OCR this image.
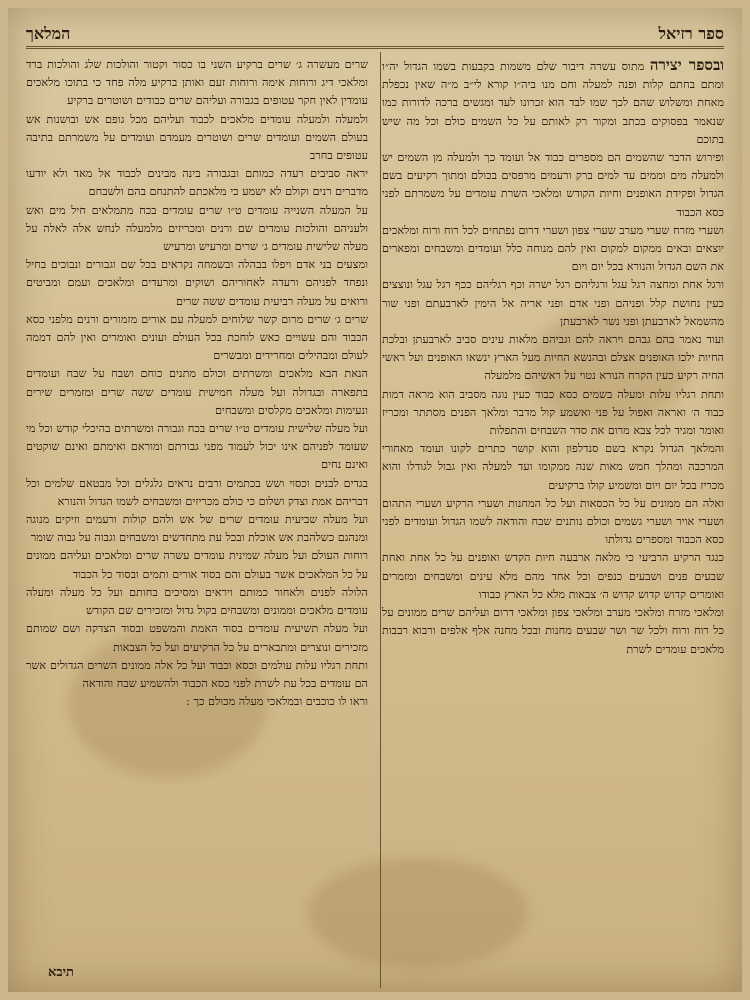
ספר רזיאל
המלאך

ובספר יצירה מתוס עשרה דיבור שלם משמות בקבעות בשמו הגדול יה״ו ומתם בחתם קלות ופנה למעלה וחם מנו ביה״ו קורא לי״ב מ״ה שאין נכפלת מאחת ומשלוש שהם לכך שמו לבד הוא זכרונו לעד ומגשים ברכה לדורות כמו שנאמר בפסוקים בכתב ומקור רק לאותם על כל השמים כולם וכל מה שיש בתוכם

ופירוש הדבר שהשמים הם מספרים כבוד אל ועומד כך ולמעלה מן השמים יש ולמעלה מים וממים עד למים ברק ורעמים מרפסים בכולם ומתוך רקיעים בשם הגדול ופקידת האופנים וחיות הקודש ומלאכי השרת עומדים על משמרתם לפני כסא הכבוד

ושערי מזרח שערי מערב שערי צפון ושערי דרום נפתחים לכל רוח ורוח ומלאכים יוצאים ובאים ממקום למקום ואין להם מנוחה כלל ועומדים ומשבחים ומפארים את השם הגדול והנורא בכל יום ויום

ורגל אחת ומחצה רגל עגל ורגליהם רגל ישרה וכף רגליהם ככף רגל עגל ונוצצים כעין נחושת קלל ופניהם ופני אדם ופני אריה אל הימין לארבעתם ופני שור מהשמאל לארבעתן ופני נשר לארבעתן

ועוד נאמר בהם גבהם ויראה להם וגביהם מלאות עינים סביב לארבעתן ובלכת החיות ילכו האופנים אצלם ובהנשא החיות מעל הארץ ינשאו האופנים ועל ראשי החיה רקיע כעין הקרח הנורא נטוי על ראשיהם מלמעלה

ותחת רגליו עלות ומעלה בשמים כסא כבוד כעין נוגה מסביב הוא מראה דמות כבוד ה׳ ואראה ואפול על פני ואשמע קול מדבר ומלאך הפנים מסתתר ומכריז ואומר ומגיד לכל צבא מרום את סדר השבחים והתפלות

והמלאך הגדול נקרא בשם סנדלפון והוא קושר כתרים לקונו ועומד מאחורי המרכבה ומהלך חמש מאות שנה ממקומו ועד למעלה ואין גבול לגודלו והוא מכריז בכל יום ויום ומשמיע קולו ברקיעים

ואלה הם ממונים על כל הכסאות ועל כל המחנות ושערי הרקיע ושערי התהום ושערי אויר ושערי גשמים וכולם נותנים שבח והודאה לשמו הגדול ועומדים לפני כסא הכבוד ומספרים גדולתו

כנגד הרקיע הרביעי כי מלאה ארבעה חיות הקדש ואופנים על כל אחת ואחת שבעים פנים ושבעים כנפים וכל אחד מהם מלא עינים ומשבחים ומזמרים ואומרים קדוש קדוש קדוש ה׳ צבאות מלא כל הארץ כבודו

ומלאכי מזרח ומלאכי מערב ומלאכי צפון ומלאכי דרום ועליהם שרים ממונים על כל רוח ורוח ולכל שר ושר שבעים מחנות ובכל מחנה אלף אלפים ורבוא רבבות מלאכים עומדים לשרת

שרים מעשרה ג׳ שרים ברקיע השני בו כסור וקטור והולכות שלג והולכות ברד ומלאכי דיג ורוחות אימה ורוחות זעם ואותן ברקיע מלה פחד כי בתוכו מלאכים עומדין לאין חקר עטופים בגבורה ועליהם שרים כבודים ושוטרים ברקיע

ולמעלה ולמעלה עומדים מלאכים לכבוד ועליהם מכל גופם אש ובושנות אש בעולם השמים ועומדים שרים ושוטרים מעמדם ועומדים על משמרתם בתיבה עטופים בחרב

יראה סביבים רעדה כמותם ובגבורה בינה מבינים לכבוד אל מאד ולא יודעו מדברים רנים וקולם לא ישמע כי מלאכתם להתנחם בהם ולשבחם

על המעלה השנייה עומדים ט״ו שרים עומדים בכח מתמלאים חיל מים ואש ולעניהם והולכות עומדים שם ורנים ומכריזים מלמעלה לנחש אלה לאלה על מעלה שלישית עומדים ג׳ שרים ומרעיש ומרעיש

ומצעים בני אדם ויפלו בבהלה ובשמחה נקראים בכל שם וגבורים ונבוכים בחיל ונפחד לפניהם ורעדה לאחוריהם ושוקים ומרעדים ומלאכים ועמם ומביטים ורואים על מעלה רביעית עומדים ששה שרים

שרים ג׳ שרים מרום קשר שלוחים למעלה עם אורים מזמורים ורנים מלפני כסא הכבוד והם עשויים כאש לוחכת בכל העולם ועונים ואומרים ואין להם דממה לעולם ומבהילים ומחרידים ומבשרים

הנאת הבא מלאכים ומשרתים וכולם מתנים כוחם ושבח על שבח ועומדים בתפארה ובגדולה ועל מעלה חמישית עומדים ששה שרים ומזמרים שירים ונעימות ומלאכים מקלסים ומשבחים

ועל מעלה שלישית עומדים ט״ו שרים בכח וגבורה ומשרתים בהיכלי קודש וכל מי שעומד לפניהם אינו יכול לעמוד מפני גבורתם ומוראם ואימתם ואינם שוקטים ואינם נחים

בגדים לבנים וכסוי ושש בכתמים ורבים נראים גלגלים וכל מבטאם שלמים וכל דבריהם אמת וצדק ושלום כי כולם מכריזים ומשבחים לשמו הגדול והנורא

ועל מעלה שביעית עומדים שרים של אש ולהם קולות ורעמים וזיקים מנוגה ומנהגם כשלהבת אש אוכלת ובכל עת מתחדשים ומשבחים וגבוה על גבוה שומר

רוחות העולם ועל מעלה שמינית עומדים עשרה שרים ומלאכים ועליהם ממונים על כל המלאכים אשר בעולם והם בסוד אורים ותמים ובסוד כל הכבוד

הלולה לפנים ולאחור כמותם ויראים ומסיכים בחותם ועל כל מעלה ומעלה עומדים מלאכים וממונים ומשבחים בקול גדול ומזכירים שם הקודש

ועל מעלה תשיעית עומדים בסוד האמת והמשפט ובסוד הצדקה ושם שמותם מזכירים ונוצרים ומתבארים על כל הרקיעים ועל כל הצבאות

ותחת רגליו עלות עולמים וכסא וכבוד ועל כל אלה ממונים השרים הגדולים אשר הם עומדים בכל עת לשרת לפני כסא הכבוד ולהשמיע שבח והודאה

וראו לו כוכבים ובמלאכי מעלה מכולם כך :

תיבא
